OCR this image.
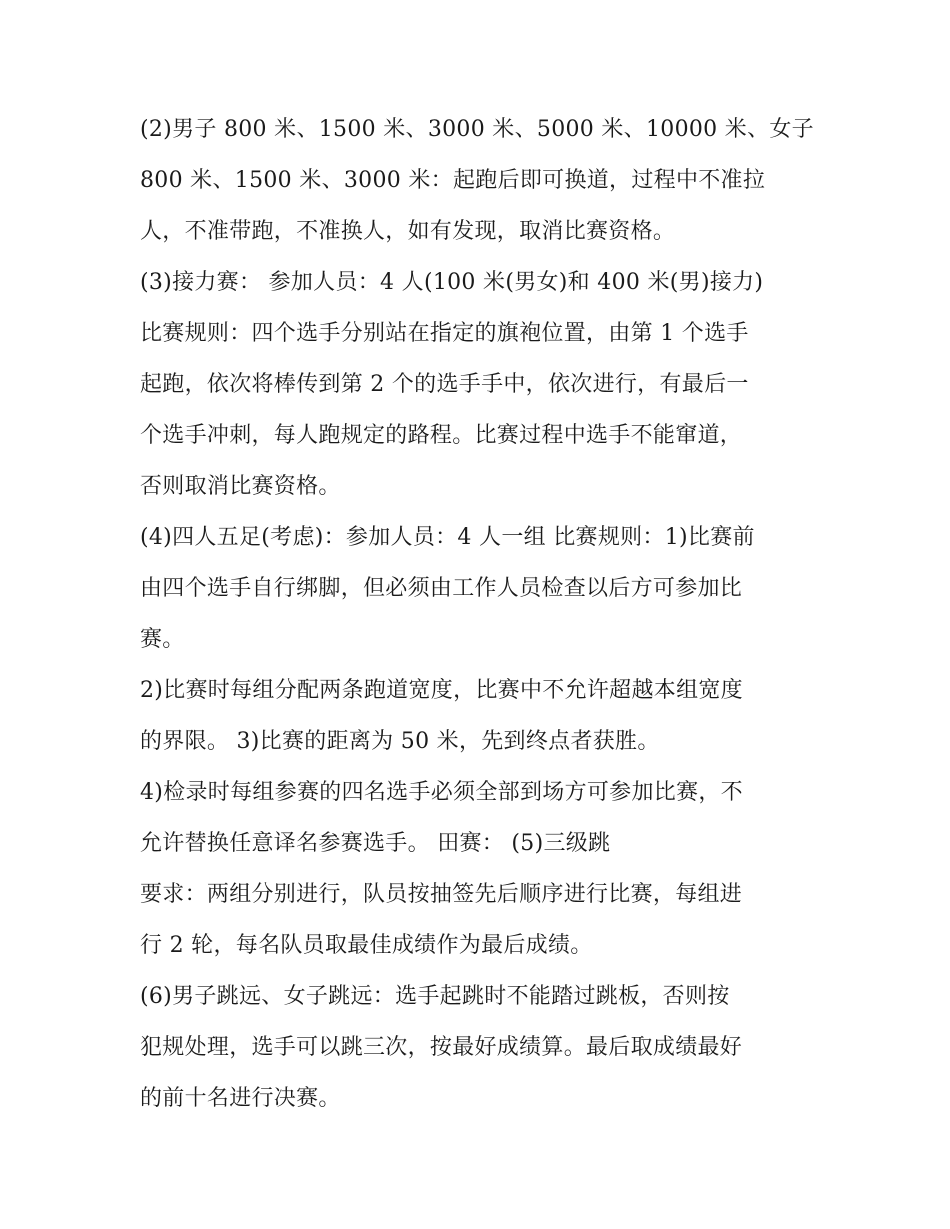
(2)男子 800 米、1500 米、3000 米、5000 米、10000 米、女子
800 米、1500 米、3000 米：起跑后即可换道，过程中不准拉
人，不准带跑，不准换人，如有发现，取消比赛资格。
(3)接力赛： 参加人员：4 人(100 米(男女)和 400 米(男)接力)
比赛规则：四个选手分别站在指定的旗袍位置，由第 1 个选手
起跑，依次将棒传到第 2 个的选手手中，依次进行，有最后一
个选手冲刺，每人跑规定的路程。比赛过程中选手不能窜道，
否则取消比赛资格。
(4)四人五足(考虑)：参加人员：4 人一组 比赛规则：1)比赛前
由四个选手自行绑脚，但必须由工作人员检查以后方可参加比
赛。
2)比赛时每组分配两条跑道宽度，比赛中不允许超越本组宽度
的界限。 3)比赛的距离为 50 米，先到终点者获胜。
4)检录时每组参赛的四名选手必须全部到场方可参加比赛，不
允许替换任意译名参赛选手。 田赛： (5)三级跳
要求：两组分别进行，队员按抽签先后顺序进行比赛，每组进
行 2 轮，每名队员取最佳成绩作为最后成绩。
(6)男子跳远、女子跳远：选手起跳时不能踏过跳板，否则按
犯规处理，选手可以跳三次，按最好成绩算。最后取成绩最好
的前十名进行决赛。
